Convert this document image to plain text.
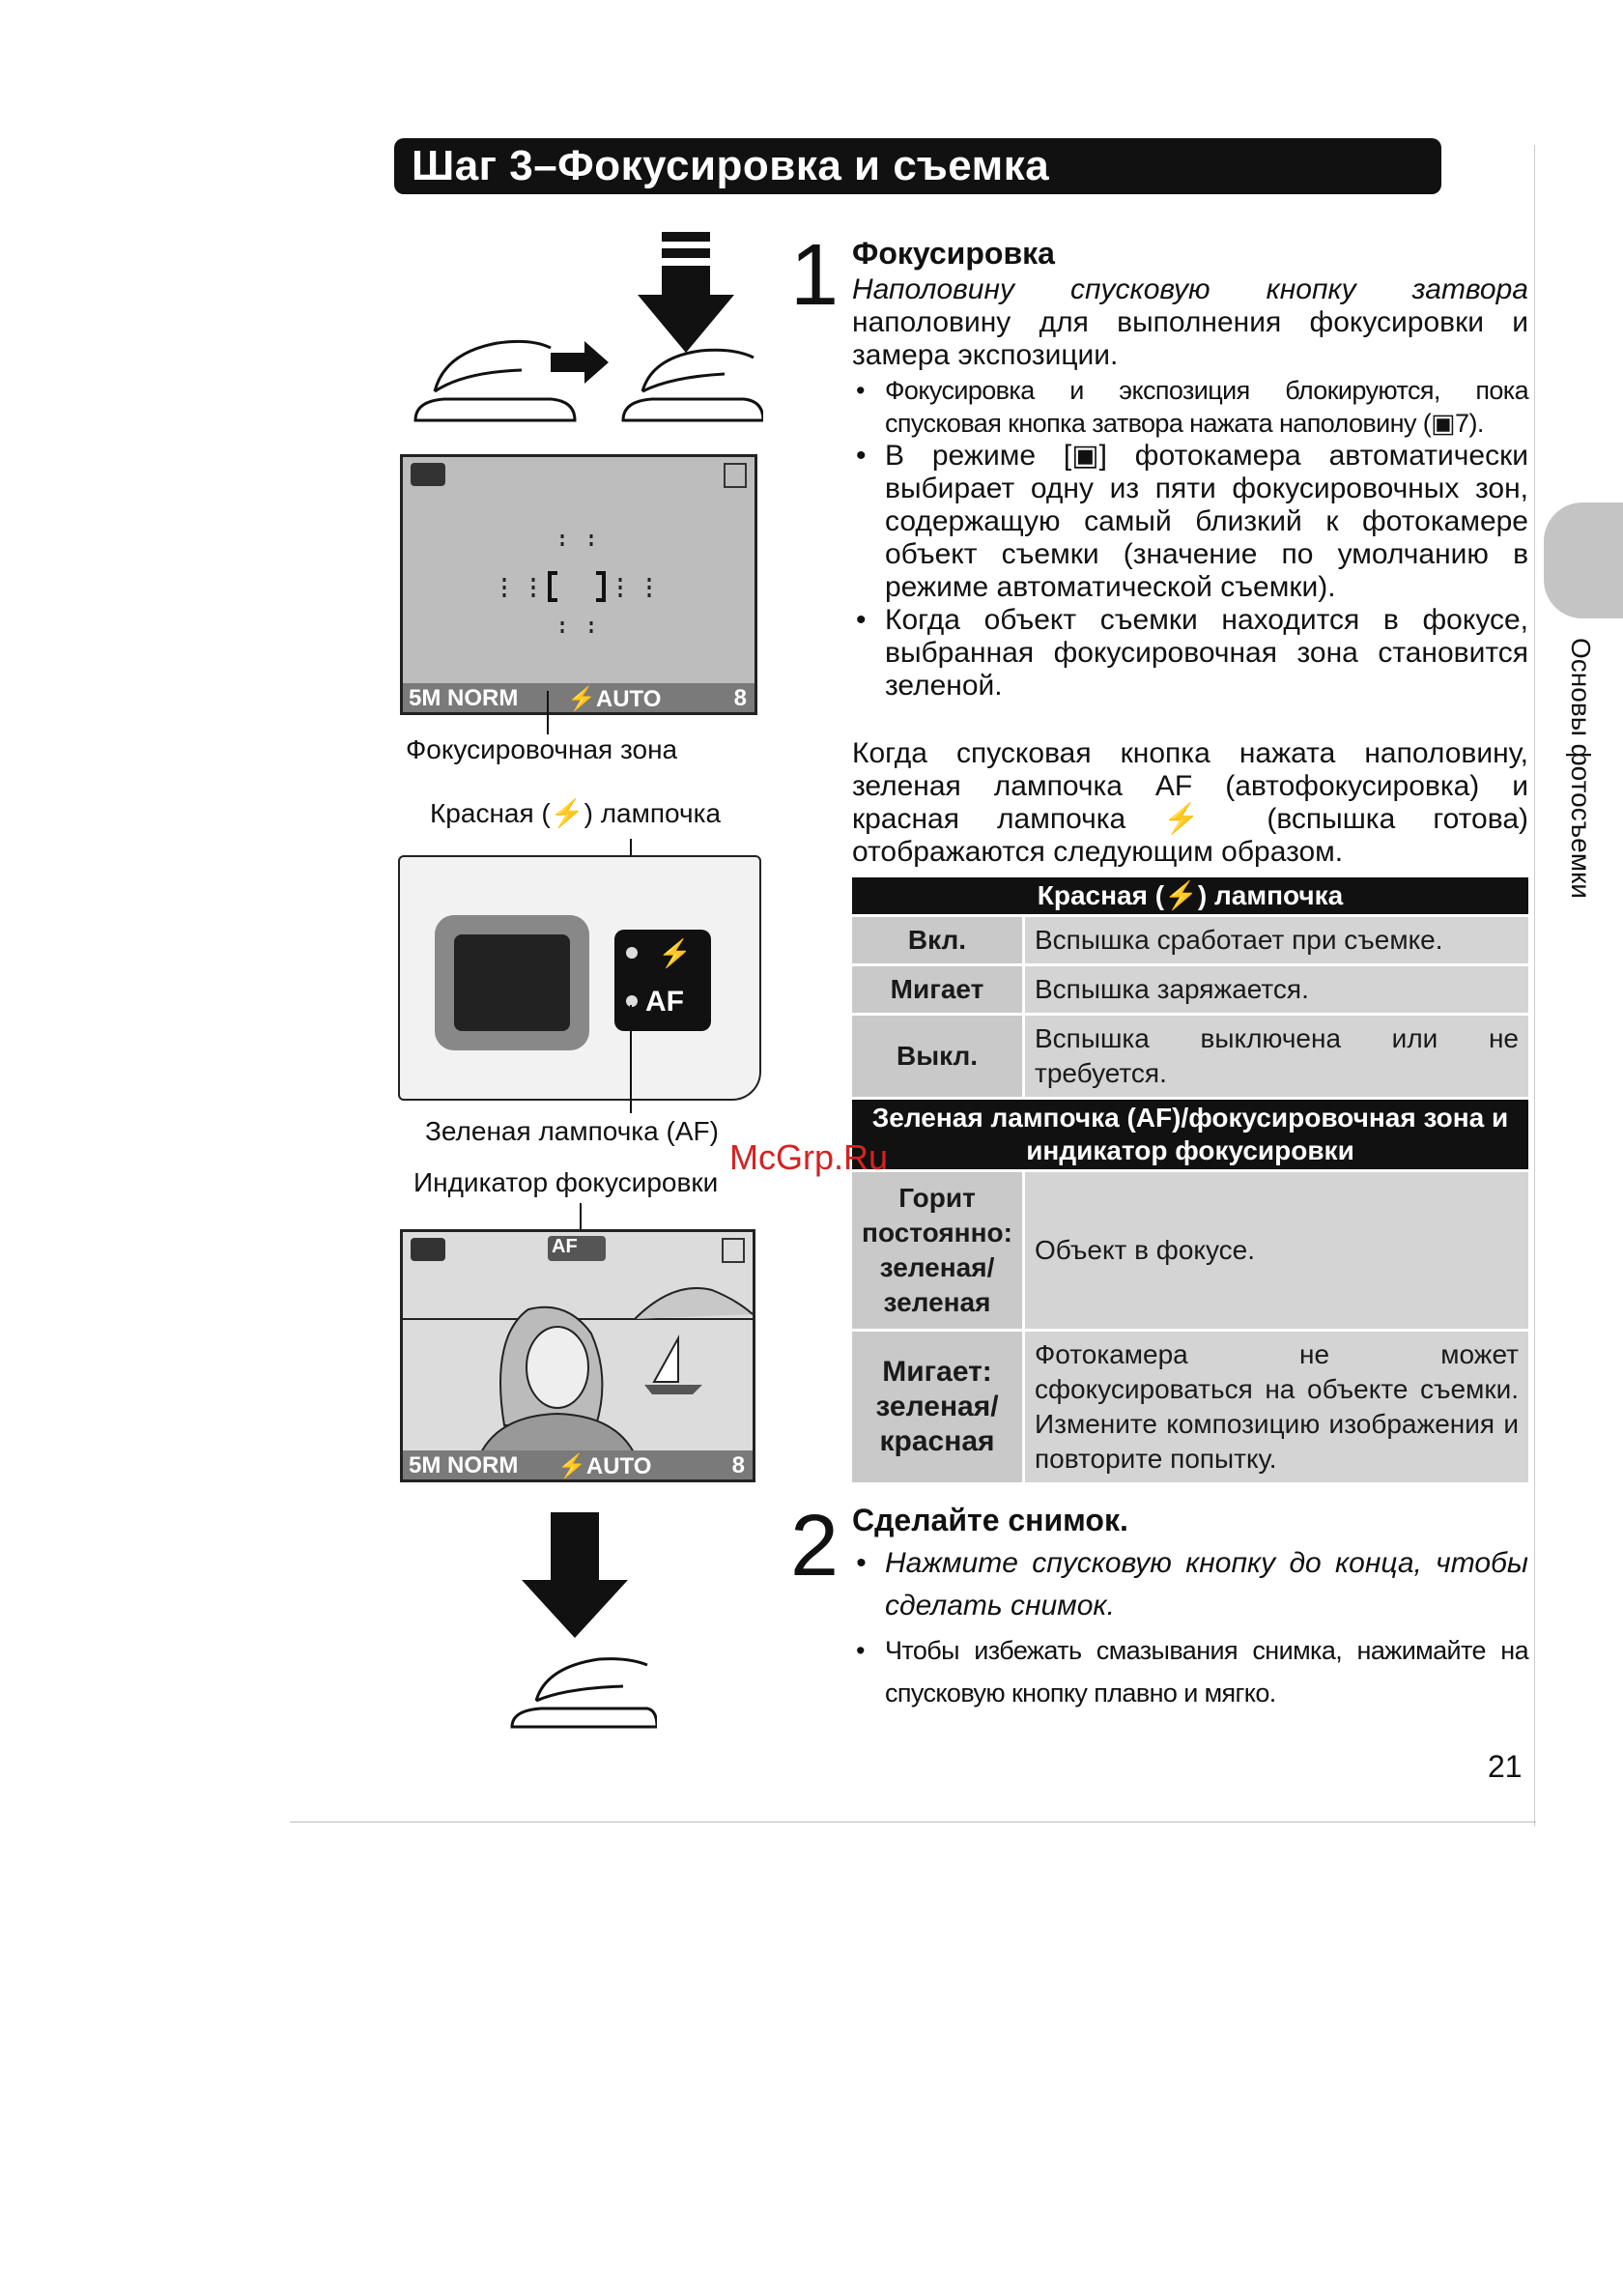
Шаг 3–Фокусировка и съемка
5M NORM ⚡AUTO	8
Фокусировочная зона
Красная (⚡) лампочка
⚡
AF
Зеленая лампочка (AF)
Индикатор фокусировки
AF
5M NORM ⚡AUTO	8
1 Фокусировка
Наполовину спусковую кнопку затвора наполовину для выполнения фокусировки и замера экспозиции.
• Фокусировка и экспозиция блокируются, пока спусковая кнопка затвора нажата наполовину (▣7).
• В режиме [▣] фотокамера автоматически выбирает одну из пяти фокусировочных зон, содержащую самый близкий к фотокамере объект съемки (значение по умолчанию в режиме автоматической съемки).
• Когда объект съемки находится в фокусе, выбранная фокусировочная зона становится зеленой.
Когда спусковая кнопка нажата наполовину, зеленая лампочка AF (автофокусировка) и красная лампочка ⚡ (вспышка готова) отображаются следующим образом.
Красная (⚡) лампочка	
Вкл.	Вспышка сработает при съемке.
Мигает	Вспышка заряжается.
Выкл.	Вспышка выключена или не требуется.
Зеленая лампочка (AF)/фокусировочная зона и индикатор фокусировки	
Горит постоянно: зеленая/ зеленая	Объект в фокусе.
Мигает: зеленая/ красная	Фотокамера не может сфокусироваться на объекте съемки. Измените композицию изображения и повторите попытку.
2 Сделайте снимок.
• Нажмите спусковую кнопку до конца, чтобы сделать снимок.
• Чтобы избежать смазывания снимка, нажимайте на спусковую кнопку плавно и мягко.
Основы фотосъемки
21
McGrp.Ru
